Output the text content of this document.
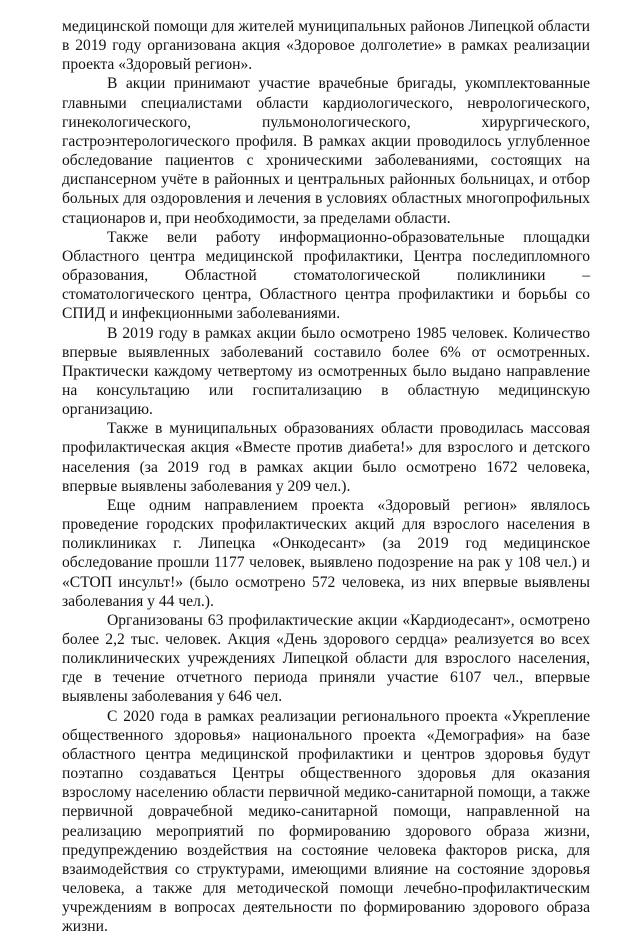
медицинской помощи для жителей муниципальных районов Липецкой области в 2019 году организована акция «Здоровое долголетие» в рамках реализации проекта «Здоровый регион».

В акции принимают участие врачебные бригады, укомплектованные главными специалистами области кардиологического, неврологического, гинекологического, пульмонологического, хирургического, гастроэнтерологического профиля. В рамках акции проводилось углубленное обследование пациентов с хроническими заболеваниями, состоящих на диспансерном учёте в районных и центральных районных больницах, и отбор больных для оздоровления и лечения в условиях областных многопрофильных стационаров и, при необходимости, за пределами области.

Также вели работу информационно-образовательные площадки Областного центра медицинской профилактики, Центра последипломного образования, Областной стоматологической поликлиники – стоматологического центра, Областного центра профилактики и борьбы со СПИД и инфекционными заболеваниями.

В 2019 году в рамках акции было осмотрено 1985 человек. Количество впервые выявленных заболеваний составило более 6% от осмотренных. Практически каждому четвертому из осмотренных было выдано направление на консультацию или госпитализацию в областную медицинскую организацию.

Также в муниципальных образованиях области проводилась массовая профилактическая акция «Вместе против диабета!» для взрослого и детского населения (за 2019 год в рамках акции было осмотрено 1672 человека, впервые выявлены заболевания у 209 чел.).

Еще одним направлением проекта «Здоровый регион» являлось проведение городских профилактических акций для взрослого населения в поликлиниках г. Липецка «Онкодесант» (за 2019 год медицинское обследование прошли 1177 человек, выявлено подозрение на рак у 108 чел.) и «СТОП инсульт!» (было осмотрено 572 человека, из них впервые выявлены заболевания у 44 чел.).

Организованы 63 профилактические акции «Кардиодесант», осмотрено более 2,2 тыс. человек. Акция «День здорового сердца» реализуется во всех поликлинических учреждениях Липецкой области для взрослого населения, где в течение отчетного периода приняли участие 6107 чел., впервые выявлены заболевания у 646 чел.

С 2020 года в рамках реализации регионального проекта «Укрепление общественного здоровья» национального проекта «Демография» на базе областного центра медицинской профилактики и центров здоровья будут поэтапно создаваться Центры общественного здоровья для оказания взрослому населению области первичной медико-санитарной помощи, а также первичной доврачебной медико-санитарной помощи, направленной на реализацию мероприятий по формированию здорового образа жизни, предупреждению воздействия на состояние человека факторов риска, для взаимодействия со структурами, имеющими влияние на состояние здоровья человека, а также для методической помощи лечебно-профилактическим учреждениям в вопросах деятельности по формированию здорового образа жизни.
